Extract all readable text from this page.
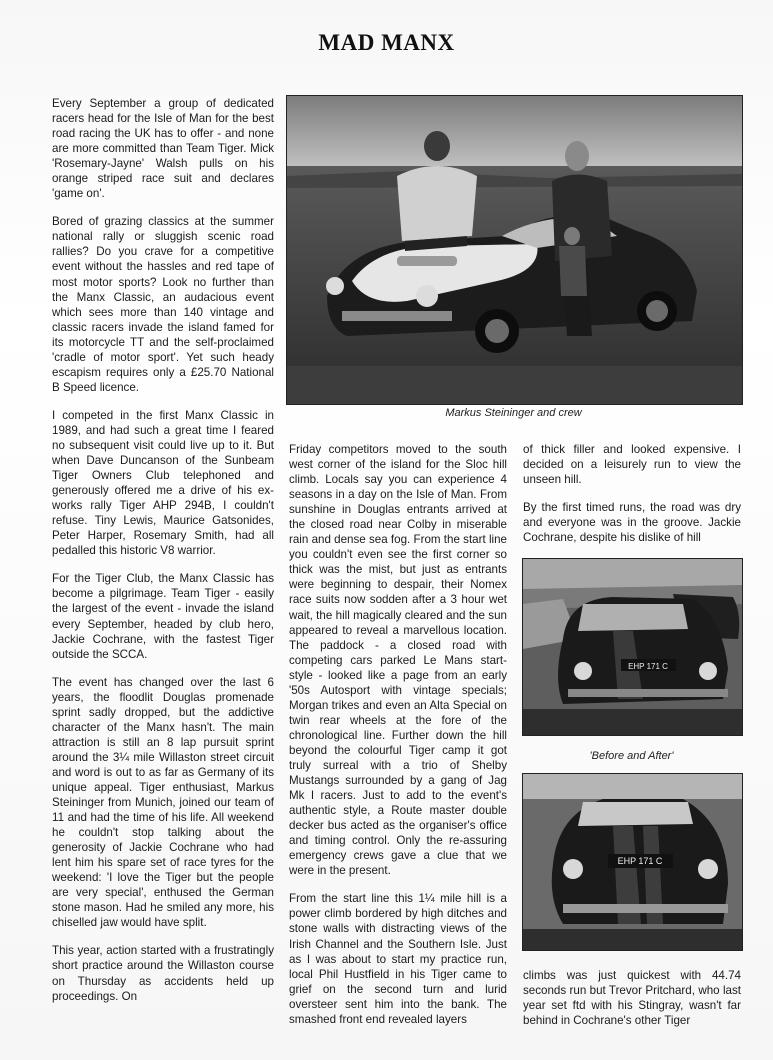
MAD MANX

Every September a group of dedicated racers head for the Isle of Man for the best road racing the UK has to offer - and none are more committed than Team Tiger. Mick 'Rosemary-Jayne' Walsh pulls on his orange striped race suit and declares 'game on'.

Bored of grazing classics at the summer national rally or sluggish scenic road rallies? Do you crave for a competitive event without the hassles and red tape of most motor sports? Look no further than the Manx Classic, an audacious event which sees more than 140 vintage and classic racers invade the island famed for its motorcycle TT and the self-proclaimed 'cradle of motor sport'. Yet such heady escapism requires only a £25.70 National B Speed licence.

I competed in the first Manx Classic in 1989, and had such a great time I feared no subsequent visit could live up to it. But when Dave Duncanson of the Sunbeam Tiger Owners Club telephoned and generously offered me a drive of his ex-works rally Tiger AHP 294B, I couldn't refuse. Tiny Lewis, Maurice Gatsonides, Peter Harper, Rosemary Smith, had all pedalled this historic V8 warrior.

For the Tiger Club, the Manx Classic has become a pilgrimage. Team Tiger - easily the largest of the event - invade the island every September, headed by club hero, Jackie Cochrane, with the fastest Tiger outside the SCCA.

The event has changed over the last 6 years, the floodlit Douglas promenade sprint sadly dropped, but the addictive character of the Manx hasn't. The main attraction is still an 8 lap pursuit sprint around the 3¼ mile Willaston street circuit and word is out to as far as Germany of its unique appeal. Tiger enthusiast, Markus Steininger from Munich, joined our team of 11 and had the time of his life. All weekend he couldn't stop talking about the generosity of Jackie Cochrane who had lent him his spare set of race tyres for the weekend: 'I love the Tiger but the people are very special', enthused the German stone mason. Had he smiled any more, his chiselled jaw would have split.

This year, action started with a frustratingly short practice around the Willaston course on Thursday as accidents held up proceedings. On

Markus Steininger and crew

Friday competitors moved to the south west corner of the island for the Sloc hill climb. Locals say you can experience 4 seasons in a day on the Isle of Man. From sunshine in Douglas entrants arrived at the closed road near Colby in miserable rain and dense sea fog. From the start line you couldn't even see the first corner so thick was the mist, but just as entrants were beginning to despair, their Nomex race suits now sodden after a 3 hour wet wait, the hill magically cleared and the sun appeared to reveal a marvellous location. The paddock - a closed road with competing cars parked Le Mans start-style - looked like a page from an early '50s Autosport with vintage specials; Morgan trikes and even an Alta Special on twin rear wheels at the fore of the chronological line. Further down the hill beyond the colourful Tiger camp it got truly surreal with a trio of Shelby Mustangs surrounded by a gang of Jag Mk I racers. Just to add to the event's authentic style, a Route master double decker bus acted as the organiser's office and timing control. Only the re-assuring emergency crews gave a clue that we were in the present.

From the start line this 1¼ mile hill is a power climb bordered by high ditches and stone walls with distracting views of the Irish Channel and the Southern Isle. Just as I was about to start my practice run, local Phil Hustfield in his Tiger came to grief on the second turn and lurid oversteer sent him into the bank. The smashed front end revealed layers

of thick filler and looked expensive. I decided on a leisurely run to view the unseen hill.

By the first timed runs, the road was dry and everyone was in the groove. Jackie Cochrane, despite his dislike of hill

EHP 171 C
'Before and After'
EHP 171 C

climbs was just quickest with 44.74 seconds run but Trevor Pritchard, who last year set ftd with his Stingray, wasn't far behind in Cochrane's other Tiger
